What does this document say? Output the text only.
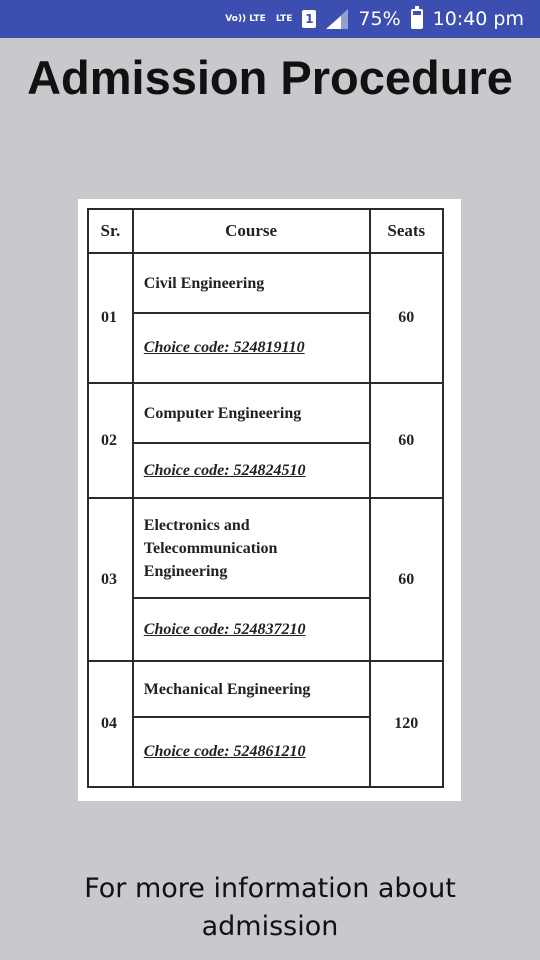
Vo)) LTE LTE 1 75% 10:40 pm
Admission Procedure
Sr.	Course	Seats
01	Civil Engineering	60
	Choice code: 524819110	
02	Computer Engineering	60
	Choice code: 524824510	
03	Electronics and Telecommunication Engineering	60
	Choice code: 524837210	
04	Mechanical Engineering	120
	Choice code: 524861210	
For more information about
admission
